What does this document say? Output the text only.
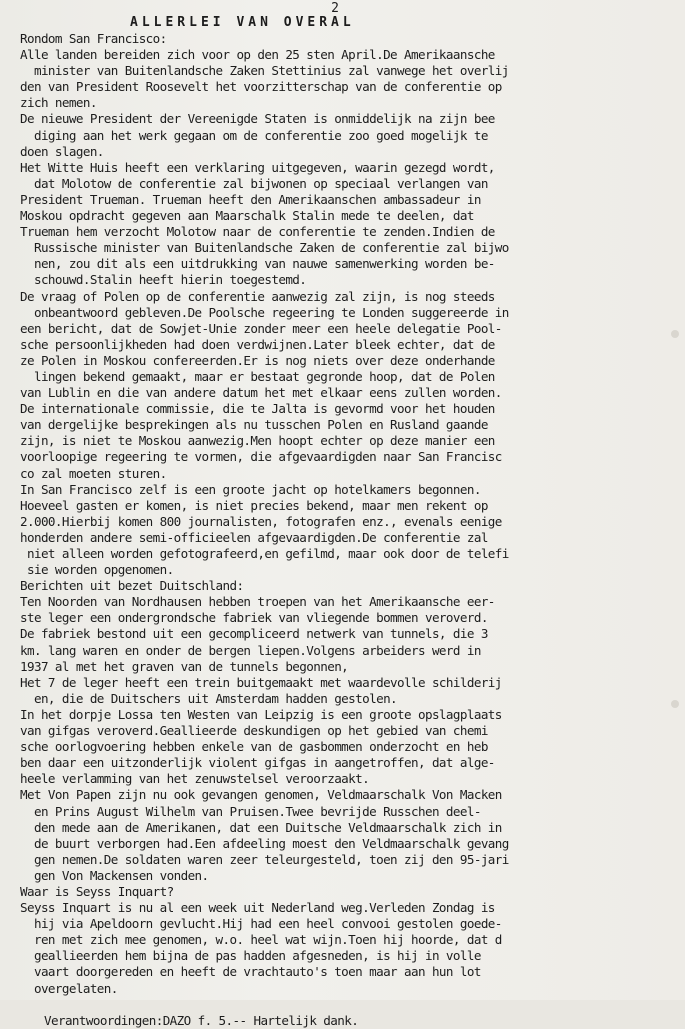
2
ALLERLEI VAN OVERAL
Rondom San Francisco:
Alle landen bereiden zich voor op den 25 sten April.De Amerikaansche
minister van Buitenlandsche Zaken Stettinius zal vanwege het overlij
den van President Roosevelt het voorzitterschap van de conferentie op
zich nemen.
De nieuwe President der Vereenigde Staten is onmiddelijk na zijn bee
diging aan het werk gegaan om de conferentie zoo goed mogelijk te
doen slagen.
Het Witte Huis heeft een verklaring uitgegeven, waarin gezegd wordt,
dat Molotow de conferentie zal bijwonen op speciaal verlangen van
President Trueman. Trueman heeft den Amerikaanschen ambassadeur in
Moskou opdracht gegeven aan Maarschalk Stalin mede te deelen, dat
Trueman hem verzocht Molotow naar de conferentie te zenden.Indien de
Russische minister van Buitenlandsche Zaken de conferentie zal bijwo
nen, zou dit als een uitdrukking van nauwe samenwerking worden be-
schouwd.Stalin heeft hierin toegestemd.
De vraag of Polen op de conferentie aanwezig zal zijn, is nog steeds
onbeantwoord gebleven.De Poolsche regeering te Londen suggereerde in
een bericht, dat de Sowjet-Unie zonder meer een heele delegatie Pool-
sche persoonlijkheden had doen verdwijnen.Later bleek echter, dat de
ze Polen in Moskou confereerden.Er is nog niets over deze onderhande
lingen bekend gemaakt, maar er bestaat gegronde hoop, dat de Polen
van Lublin en die van andere datum het met elkaar eens zullen worden.
De internationale commissie, die te Jalta is gevormd voor het houden
van dergelijke besprekingen als nu tusschen Polen en Rusland gaande
zijn, is niet te Moskou aanwezig.Men hoopt echter op deze manier een
voorloopige regeering te vormen, die afgevaardigden naar San Francisc
co zal moeten sturen.
In San Francisco zelf is een groote jacht op hotelkamers begonnen.
Hoeveel gasten er komen, is niet precies bekend, maar men rekent op
2.000.Hierbij komen 800 journalisten, fotografen enz., evenals eenige
honderden andere semi-officieelen afgevaardigden.De conferentie zal
niet alleen worden gefotografeerd,en gefilmd, maar ook door de telefi
sie worden opgenomen.
Berichten uit bezet Duitschland:
Ten Noorden van Nordhausen hebben troepen van het Amerikaansche eer-
ste leger een ondergrondsche fabriek van vliegende bommen veroverd.
De fabriek bestond uit een gecompliceerd netwerk van tunnels, die 3
km. lang waren en onder de bergen liepen.Volgens arbeiders werd in
1937 al met het graven van de tunnels begonnen,
Het 7 de leger heeft een trein buitgemaakt met waardevolle schilderij
en, die de Duitschers uit Amsterdam hadden gestolen.
In het dorpje Lossa ten Westen van Leipzig is een groote opslagplaats
van gifgas veroverd.Geallieerde deskundigen op het gebied van chemi
sche oorlogvoering hebben enkele van de gasbommen onderzocht en heb
ben daar een uitzonderlijk violent gifgas in aangetroffen, dat alge-
heele verlamming van het zenuwstelsel veroorzaakt.
Met Von Papen zijn nu ook gevangen genomen, Veldmaarschalk Von Macken
en Prins August Wilhelm van Pruisen.Twee bevrijde Russchen deel-
den mede aan de Amerikanen, dat een Duitsche Veldmaarschalk zich in
de buurt verborgen had.Een afdeeling moest den Veldmaarschalk gevang
gen nemen.De soldaten waren zeer teleurgesteld, toen zij den 95-jari
gen Von Mackensen vonden.
Waar is Seyss Inquart?
Seyss Inquart is nu al een week uit Nederland weg.Verleden Zondag is
hij via Apeldoorn gevlucht.Hij had een heel convooi gestolen goede-
ren met zich mee genomen, w.o. heel wat wijn.Toen hij hoorde, dat d
geallieerden hem bijna de pas hadden afgesneden, is hij in volle
vaart doorgereden en heeft de vrachtauto's toen maar aan hun lot
overgelaten.
Verantwoordingen:DAZO f. 5.-- Hartelijk dank.
